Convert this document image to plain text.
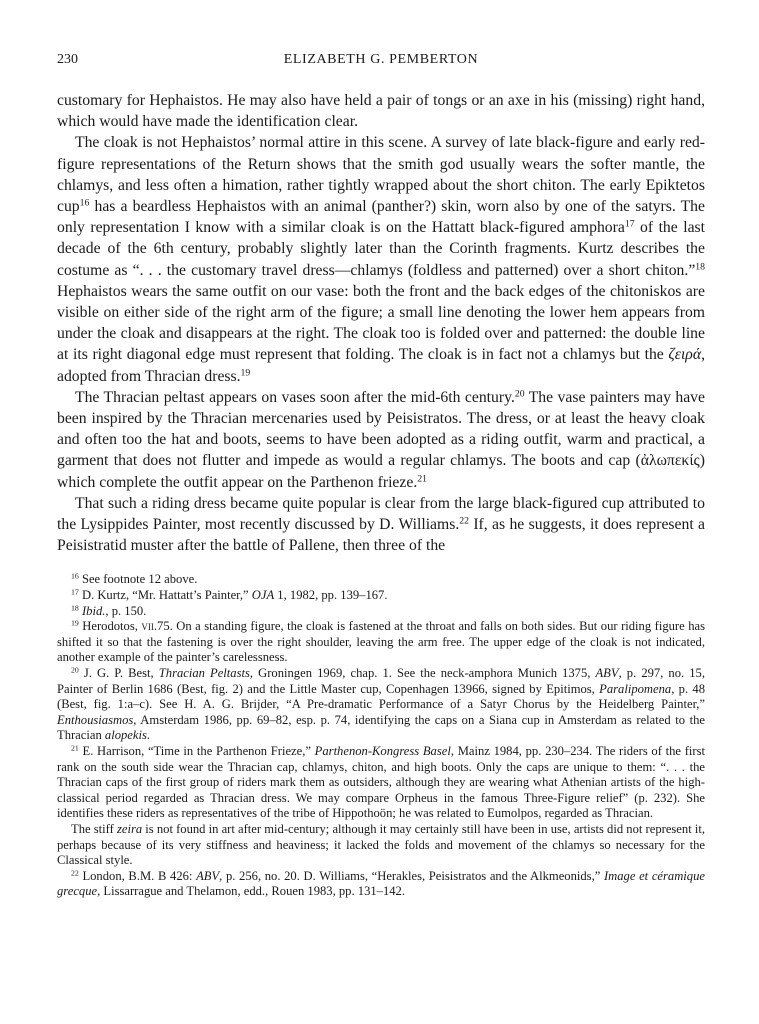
230	ELIZABETH G. PEMBERTON

customary for Hephaistos. He may also have held a pair of tongs or an axe in his (missing) right hand, which would have made the identification clear.

The cloak is not Hephaistos’ normal attire in this scene. A survey of late black-figure and early red-figure representations of the Return shows that the smith god usually wears the softer mantle, the chlamys, and less often a himation, rather tightly wrapped about the short chiton. The early Epiktetos cup$^{16}$ has a beardless Hephaistos with an animal (panther?) skin, worn also by one of the satyrs. The only representation I know with a similar cloak is on the Hattatt black-figured amphora$^{17}$ of the last decade of the 6th century, probably slightly later than the Corinth fragments. Kurtz describes the costume as “. . . the customary travel dress—chlamys (foldless and patterned) over a short chiton.”$^{18}$ Hephaistos wears the same outfit on our vase: both the front and the back edges of the chitoniskos are visible on either side of the right arm of the figure; a small line denoting the lower hem appears from under the cloak and disappears at the right. The cloak too is folded over and patterned: the double line at its right diagonal edge must represent that folding. The cloak is in fact not a chlamys but the ζειρά, adopted from Thracian dress.$^{19}$

The Thracian peltast appears on vases soon after the mid-6th century.$^{20}$ The vase painters may have been inspired by the Thracian mercenaries used by Peisistratos. The dress, or at least the heavy cloak and often too the hat and boots, seems to have been adopted as a riding outfit, warm and practical, a garment that does not flutter and impede as would a regular chlamys. The boots and cap (ἀλωπεκίς) which complete the outfit appear on the Parthenon frieze.$^{21}$

That such a riding dress became quite popular is clear from the large black-figured cup attributed to the Lysippides Painter, most recently discussed by D. Williams.$^{22}$ If, as he suggests, it does represent a Peisistratid muster after the battle of Pallene, then three of the

$^{16}$ See footnote 12 above.

$^{17}$ D. Kurtz, “Mr. Hattatt’s Painter,” OJA 1, 1982, pp. 139–167.

$^{18}$ Ibid., p. 150.

$^{19}$ Herodotos, vii.75. On a standing figure, the cloak is fastened at the throat and falls on both sides. But our riding figure has shifted it so that the fastening is over the right shoulder, leaving the arm free. The upper edge of the cloak is not indicated, another example of the painter’s carelessness.

$^{20}$ J. G. P. Best, Thracian Peltasts, Groningen 1969, chap. 1. See the neck-amphora Munich 1375, ABV, p. 297, no. 15, Painter of Berlin 1686 (Best, fig. 2) and the Little Master cup, Copenhagen 13966, signed by Epitimos, Paralipomena, p. 48 (Best, fig. 1:a–c). See H. A. G. Brijder, “A Pre-dramatic Performance of a Satyr Chorus by the Heidelberg Painter,” Enthousiasmos, Amsterdam 1986, pp. 69–82, esp. p. 74, identifying the caps on a Siana cup in Amsterdam as related to the Thracian alopekis.

$^{21}$ E. Harrison, “Time in the Parthenon Frieze,” Parthenon-Kongress Basel, Mainz 1984, pp. 230–234. The riders of the first rank on the south side wear the Thracian cap, chlamys, chiton, and high boots. Only the caps are unique to them: “. . . the Thracian caps of the first group of riders mark them as outsiders, although they are wearing what Athenian artists of the high-classical period regarded as Thracian dress. We may compare Orpheus in the famous Three-Figure relief” (p. 232). She identifies these riders as representatives of the tribe of Hippothoön; he was related to Eumolpos, regarded as Thracian.

The stiff zeira is not found in art after mid-century; although it may certainly still have been in use, artists did not represent it, perhaps because of its very stiffness and heaviness; it lacked the folds and movement of the chlamys so necessary for the Classical style.

$^{22}$ London, B.M. B 426: ABV, p. 256, no. 20. D. Williams, “Herakles, Peisistratos and the Alkmeonids,” Image et céramique grecque, Lissarrague and Thelamon, edd., Rouen 1983, pp. 131–142.
